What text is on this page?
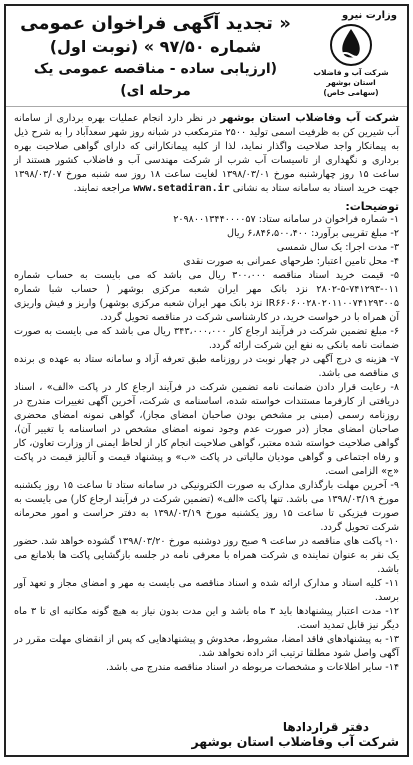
وزارت نیرو
شرکت آب و فاضلاب
استان بوشهر
(سهامی خاص)
« تجدید آگهی فراخوان عمومی
شماره ۹۷/۵۰ » (نوبت اول)
(ارزیابی ساده - مناقصه عمومی یک مرحله ای)
شرکت آب وفاضلاب استان بوشهر در نظر دارد انجام عملیات بهره برداری از سامانه آب شیرین کن به ظرفیت اسمی تولید ۲۵۰۰ مترمکعب در شبانه روز شهر سعدآباد را به شرح ذیل به پیمانکار واجد صلاحیت واگذار نماید، لذا از کلیه پیمانکارانی که دارای گواهی صلاحیت بهره برداری و نگهداری از تاسیسات آب شرب از شرکت مهندسی آب و فاضلاب کشور هستند از ساعت ۱۵ روز چهارشنبه مورخ ۱۳۹۸/۰۳/۰۱ لغایت ساعت ۱۸ روز سه شنبه مورخ ۱۳۹۸/۰۳/۰۷ جهت خرید اسناد به سامانه ستاد به نشانی www.setadiran.ir مراجعه نمایند.
توضیحات:
۱- شماره فراخوان در سامانه ستاد: ۲۰۹۸۰۰۱۳۴۴۰۰۰۰۵۷
۲- مبلغ تقریبی برآورد: ۶،۸۴۶،۵۰۰،۴۰۰ ریال
۳- مدت اجرا: یک سال شمسی
۴- محل تامین اعتبار: طرحهای عمرانی به صورت نقدی
۵- قیمت خرید اسناد مناقصه ۳۰۰،۰۰۰ ریال می باشد که می بایست به حساب شماره ۰۱۱-۷۴۱۲۹۳-۵-۲۸۰۲ نزد بانک مهر ایران شعبه مرکزی بوشهر ( حساب شبا شماره IR۶۶۰۶۰۰۲۸۰۲۰۱۱۰۰۷۴۱۲۹۳۰۰۵ نزد بانک مهر ایران شعبه مرکزی بوشهر) واریز و فیش واریزی آن همراه با در خواست خرید، در کارشناسی شرکت در مناقصه تحویل گردد.
۶- مبلغ تضمین شرکت در فرآیند ارجاع کار ۳۴۳،۰۰۰،۰۰۰ ریال می باشد که می بایست به صورت ضمانت نامه بانکی به نفع این شرکت ارائه گردد.
۷- هزینه ی درج آگهی در چهار نوبت در روزنامه طبق تعرفه آزاد و سامانه ستاد به عهده ی برنده ی مناقصه می باشد.
۸- رعایت قرار دادن ضمانت نامه تضمین شرکت در فرآیند ارجاع کار در پاکت «الف» ، اسناد دریافتی از کارفرما مستندات خواسته شده، اساسنامه ی شرکت، آخرین آگهی تغییرات مندرج در روزنامه رسمی (مبنی بر مشخص بودن صاحبان امضای مجاز)، گواهی نمونه امضای محضری صاحبان امضای مجاز (در صورت عدم وجود نمونه امضای مشخص در اساسنامه یا تغییر آن)، گواهی صلاحیت خواسته شده معتبر، گواهی صلاحیت انجام کار از لحاظ ایمنی از وزارت تعاون، کار و رفاه اجتماعی و گواهی مودیان مالیاتی در پاکت «ب» و پیشنهاد قیمت و آنالیز قیمت در پاکت «ج» الزامی است.
۹- آخرین مهلت بارگذاری مدارک به صورت الکترونیکی در سامانه ستاد تا ساعت ۱۵ روز یکشنبه مورخ ۱۳۹۸/۰۳/۱۹ می باشد. تنها پاکت «الف» (تضمین شرکت در فرآیند ارجاع کار) می بایست به صورت فیزیکی تا ساعت ۱۵ روز یکشنبه مورخ ۱۳۹۸/۰۳/۱۹ به دفتر حراست و امور محرمانه شرکت تحویل گردد.
۱۰- پاکت های مناقصه در ساعت ۹ صبح روز دوشنبه مورخ ۱۳۹۸/۰۳/۲۰ گشوده خواهد شد. حضور یک نفر به عنوان نماینده ی شرکت همراه با معرفی نامه در جلسه بازگشایی پاکت ها بلامانع می باشد.
۱۱- کلیه اسناد و مدارک ارائه شده و اسناد مناقصه می بایست به مهر و امضای مجاز و تعهد آور برسد.
۱۲- مدت اعتبار پیشنهادها باید ۳ ماه باشد و این مدت بدون نیاز به هیچ گونه مکاتبه ای تا ۳ ماه دیگر نیز قابل تمدید است.
۱۳- به پیشنهادهای فاقد امضا، مشروط، مخدوش و پیشنهادهایی که پس از انقضای مهلت مقرر در آگهی واصل شود مطلقا ترتیب اثر داده نخواهد شد.
۱۴- سایر اطلاعات و مشخصات مربوطه در اسناد مناقصه مندرج می باشد.
دفتر قراردادها
شرکت آب وفاضلاب استان بوشهر
